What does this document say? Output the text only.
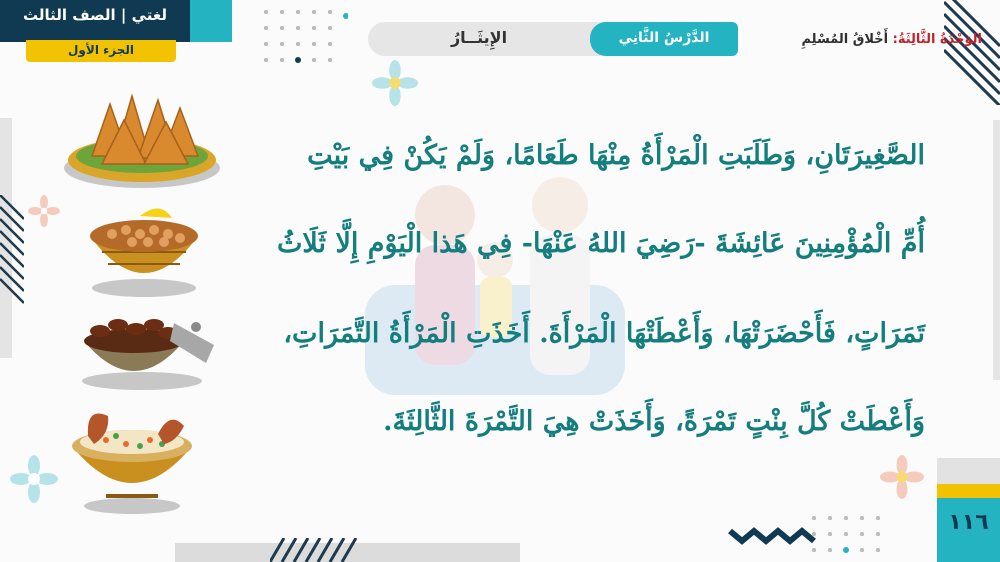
لغتي | الصف الثالث
الجزء الأول
الإِيثَــارُ	الدَّرْسُ الثَّانِي	الوَحْدَةُ الثَّالِثَةُ: أَخْلاقُ المُسْلِمِ
الصَّغِيرَتَانِ، وَطَلَبَتِ الْمَرْأَةُ مِنْهَا طَعَامًا، وَلَمْ يَكُنْ فِي بَيْتِ
أُمِّ الْمُؤْمِنِينَ عَائِشَةَ -رَضِيَ اللهُ عَنْهَا- فِي هَذا الْيَوْمِ إِلَّا ثَلَاثُ
تَمَرَاتٍ، فَأَحْضَرَتْهَا، وَأَعْطَتْهَا الْمَرْأَةَ. أَخَذَتِ الْمَرْأَةُ التَّمَرَاتِ،
وَأَعْطَتْ كُلَّ بِنْتٍ تَمْرَةً، وَأَخَذَتْ هِيَ التَّمْرَةَ الثَّالِثَةَ.
١١٦
